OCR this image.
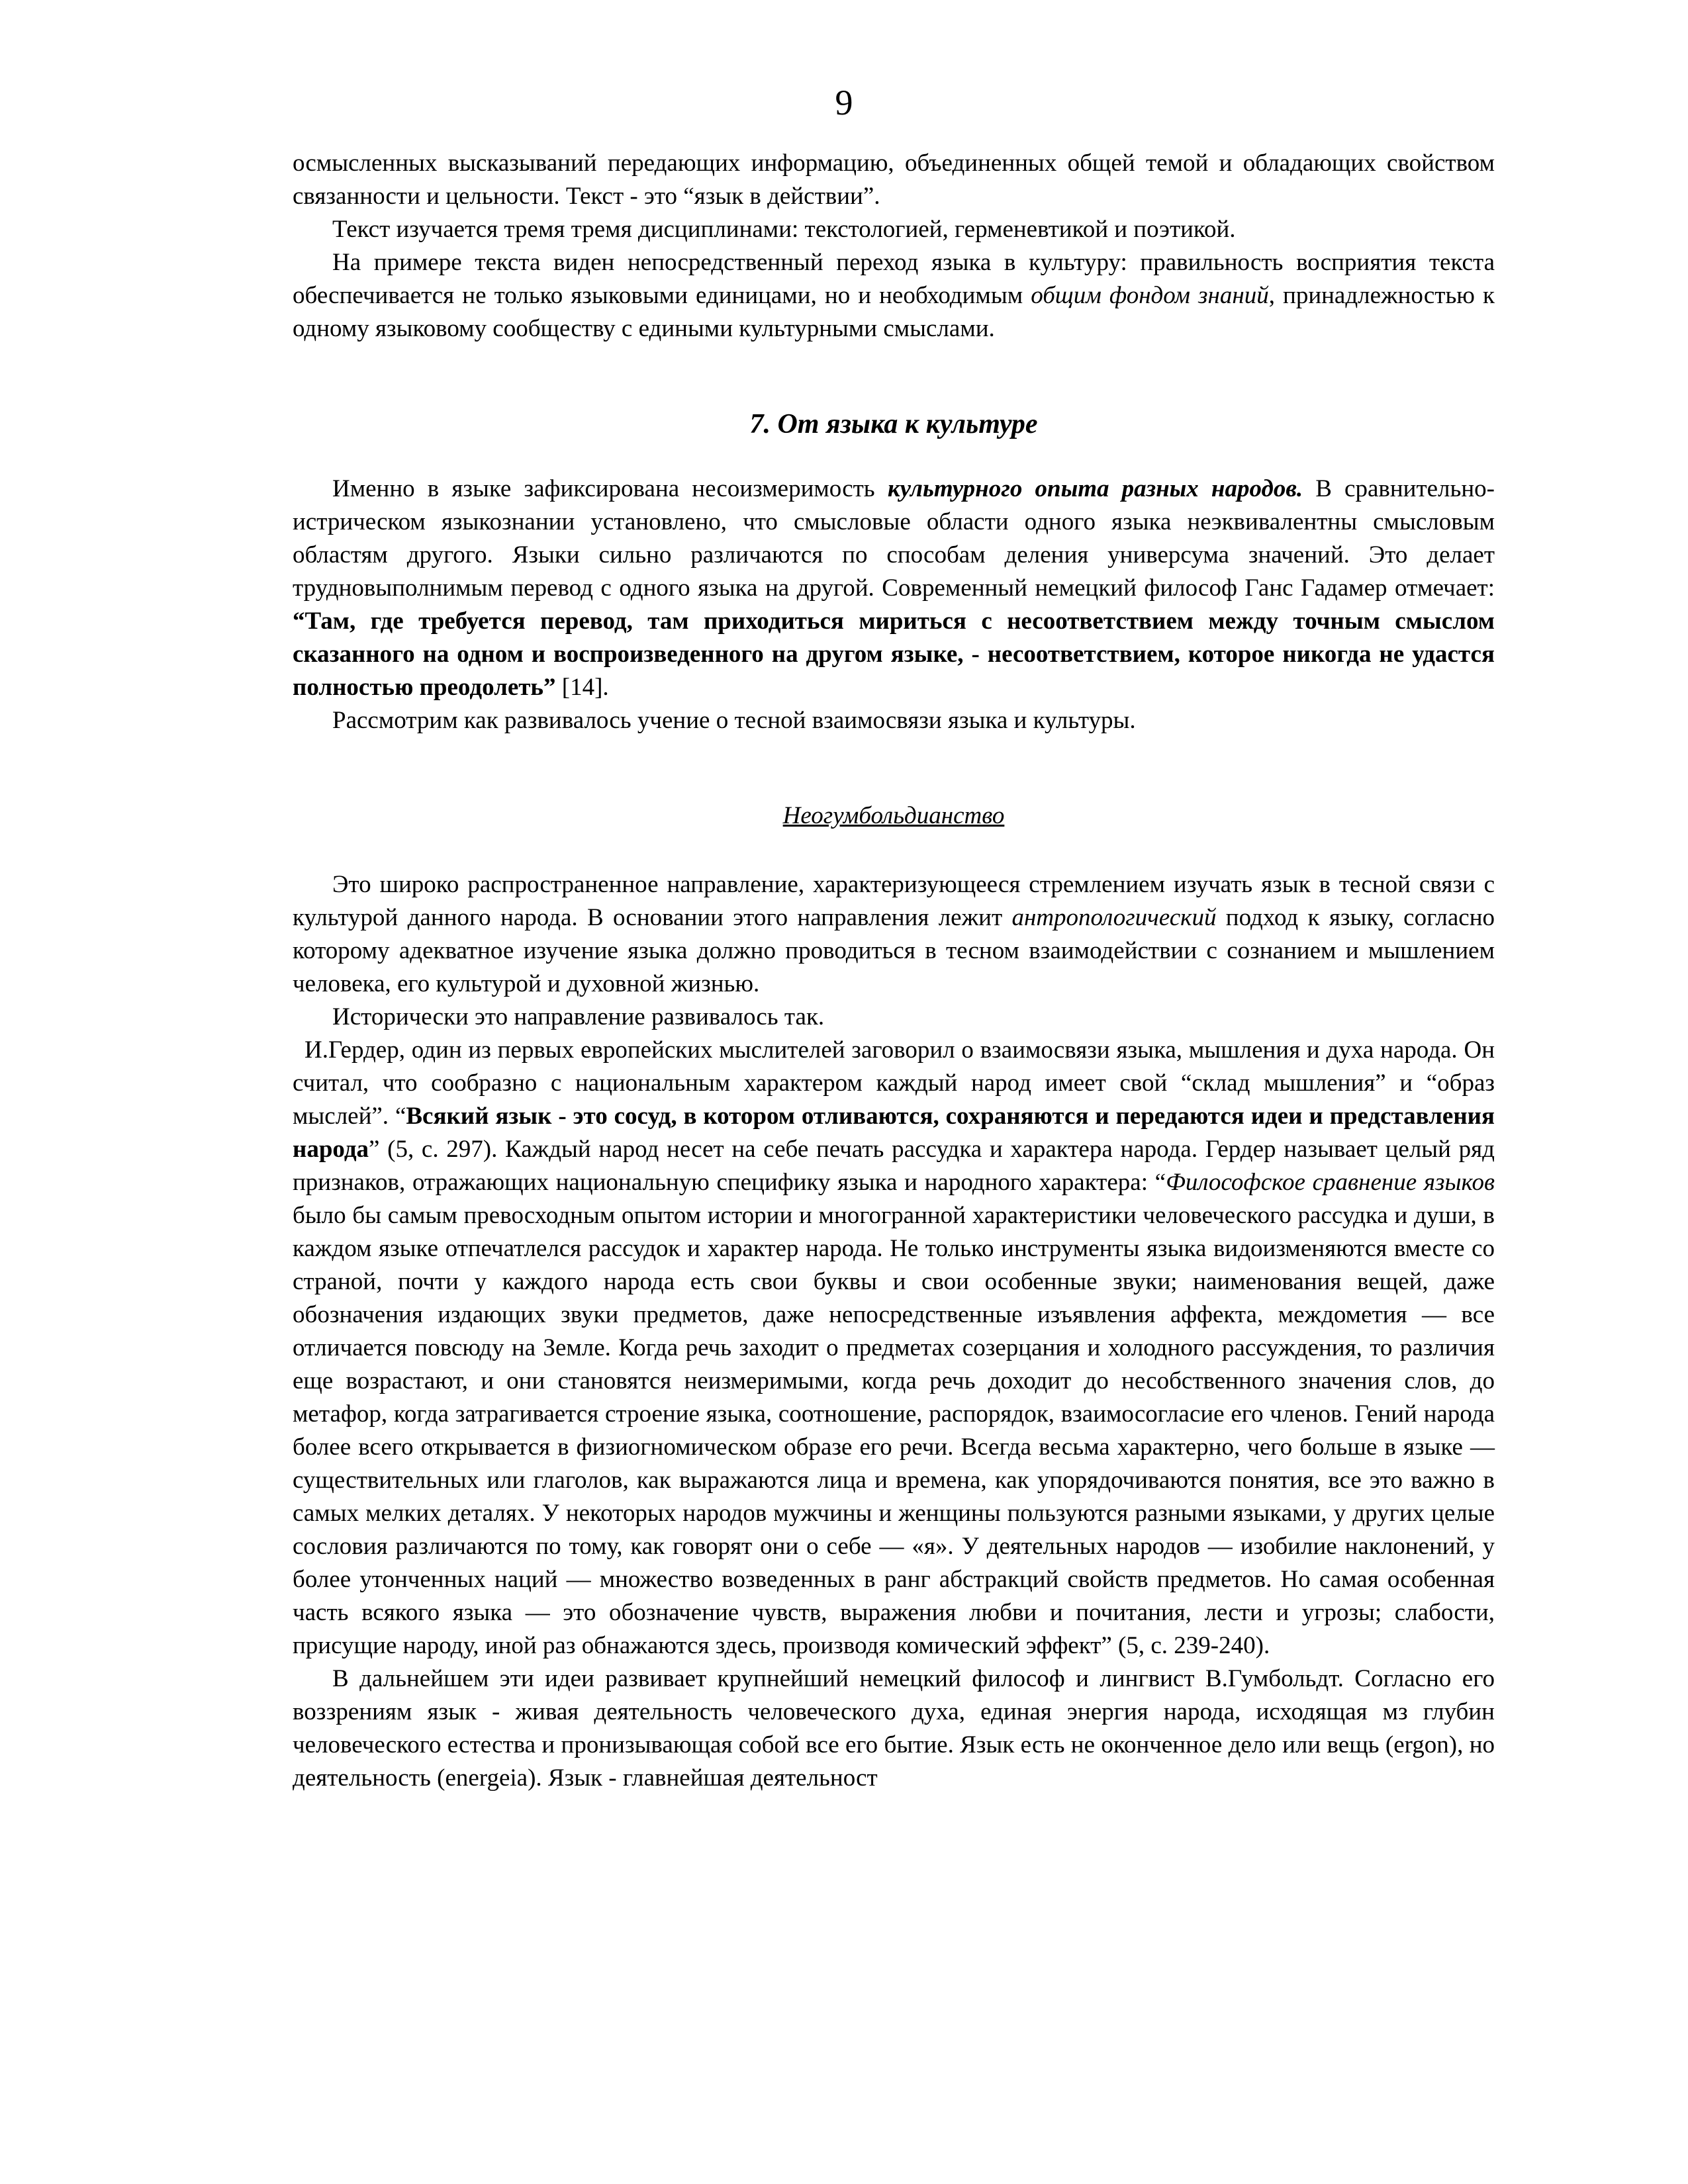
9

осмысленных высказываний передающих информацию, объединенных общей темой и обладающих свойством связанности и цельности. Текст - это “язык в действии”.

Текст изучается тремя тремя дисциплинами: текстологией, герменевтикой и поэтикой.

На примере текста виден непосредственный переход языка в культуру: правильность восприятия текста обеспечивается не только языковыми единицами, но и необходимым общим фондом знаний, принадлежностью к одному языковому сообществу с едиными культурными смыслами.

7. От языка к культуре

Именно в языке зафиксирована несоизмеримость культурного опыта разных народов. В сравнительно-истрическом языкознании установлено, что смысловые области одного языка неэквивалентны смысловым областям другого. Языки сильно различаются по способам деления универсума значений. Это делает трудновыполнимым перевод с одного языка на другой. Современный немецкий философ Ганс Гадамер отмечает: “Там, где требуется перевод, там приходиться мириться с несоответствием между точным смыслом сказанного на одном и воспроизведенного на другом языке, - несоответствием, которое никогда не удастся полностью преодолеть” [14].

Рассмотрим как развивалось учение о тесной взаимосвязи языка и культуры.

Неогумбольдианство

Это широко распространенное направление, характеризующееся стремлением изучать язык в тесной связи с культурой данного народа. В основании этого направления лежит антропологический подход к языку, согласно которому адекватное изучение языка должно проводиться в тесном взаимодействии с сознанием и мышлением человека, его культурой и духовной жизнью.

Исторически это направление развивалось так.

И.Гердер, один из первых европейских мыслителей заговорил о взаимосвязи языка, мышления и духа народа. Он считал, что сообразно с национальным характером каждый народ имеет свой “склад мышления” и “образ мыслей”. “Всякий язык - это сосуд, в котором отливаются, сохраняются и передаются идеи и представления народа” (5, с. 297). Каждый народ несет на себе печать рассудка и характера народа. Гердер называет целый ряд признаков, отражающих национальную специфику языка и народного характера: “Философское сравнение языков было бы самым превосходным опытом истории и многогранной характеристики человеческого рассудка и души, в каждом языке отпечатлелся рассудок и характер народа. Не только инструменты языка видоизменяются вместе со страной, почти у каждого народа есть свои буквы и свои особенные звуки; наименования вещей, даже обозначения издающих звуки предметов, даже непосредственные изъявления аффекта, междометия — все отличается повсюду на Земле. Когда речь заходит о предметах созерцания и холодного рассуждения, то различия еще возрастают, и они становятся неизмеримыми, когда речь доходит до несобственного значения слов, до метафор, когда затрагивается строение языка, соотношение, распорядок, взаимосогласие его членов. Гений народа более всего открывается в физиогномическом образе его речи. Всегда весьма характерно, чего больше в языке — существительных или глаголов, как выражаются лица и времена, как упорядочиваются понятия, все это важно в самых мелких деталях. У некоторых народов мужчины и женщины пользуются разными языками, у других целые сословия различаются по тому, как говорят они о себе — «я». У деятельных народов — изобилие наклонений, у более утонченных наций — множество возведенных в ранг абстракций свойств предметов. Но самая особенная часть всякого языка — это обозначение чувств, выражения любви и почитания, лести и угрозы; слабости, присущие народу, иной раз обнажаются здесь, производя комический эффект” (5, с. 239-240).

В дальнейшем эти идеи развивает крупнейший немецкий философ и лингвист В.Гумбольдт. Согласно его воззрениям язык - живая деятельность человеческого духа, единая энергия народа, исходящая мз глубин человеческого естества и пронизывающая собой все его бытие. Язык есть не оконченное дело или вещь (ergon), но деятельность (energeia). Язык - главнейшая деятельност
